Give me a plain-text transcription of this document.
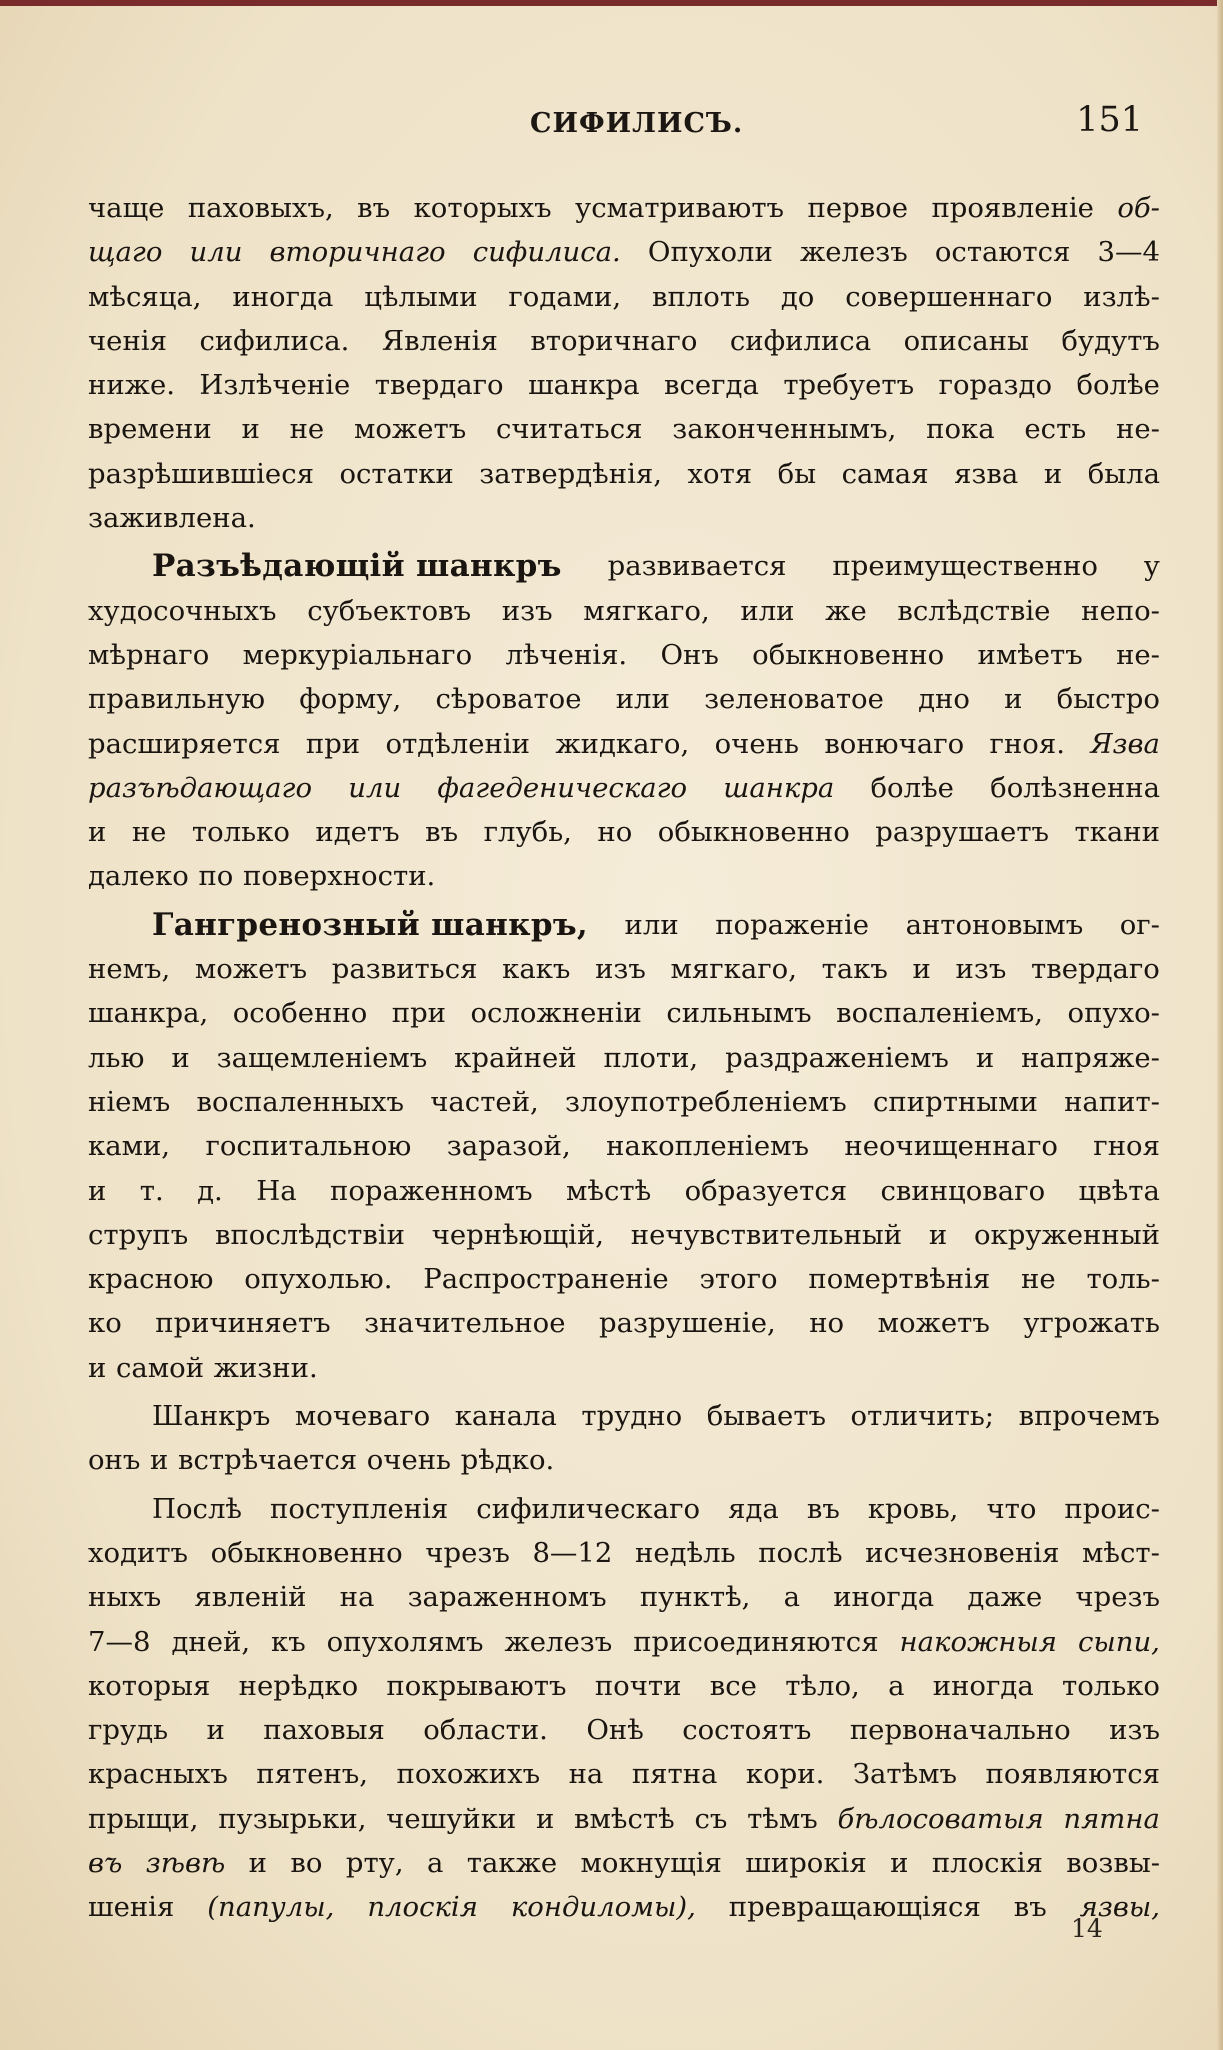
СИФИЛИСЪ.	151
чаще паховыхъ, въ которыхъ усматриваютъ первое проявленіе об-
щаго или вторичнаго сифилиса. Опухоли железъ остаются 3—4
мѣсяца, иногда цѣлыми годами, вплоть до совершеннаго излѣ-
ченія сифилиса. Явленія вторичнаго сифилиса описаны будутъ
ниже. Излѣченіе твердаго шанкра всегда требуетъ гораздо болѣе
времени и не можетъ считаться законченнымъ, пока есть не-
разрѣшившіеся остатки затвердѣнія, хотя бы самая язва и была
заживлена.
Разъѣдающій шанкръ развивается преимущественно у
худосочныхъ субъектовъ изъ мягкаго, или же вслѣдствіе непо-
мѣрнаго меркуріальнаго лѣченія. Онъ обыкновенно имѣетъ не-
правильную форму, сѣроватое или зеленоватое дно и быстро
расширяется при отдѣленіи жидкаго, очень вонючаго гноя. Язва
разъѣдающаго или фагеденическаго шанкра болѣе болѣзненна
и не только идетъ въ глубь, но обыкновенно разрушаетъ ткани
далеко по поверхности.
Гангренозный шанкръ, или пораженіе антоновымъ ог-
немъ, можетъ развиться какъ изъ мягкаго, такъ и изъ твердаго
шанкра, особенно при осложненіи сильнымъ воспаленіемъ, опухо-
лью и защемленіемъ крайней плоти, раздраженіемъ и напряже-
ніемъ воспаленныхъ частей, злоупотребленіемъ спиртными напит-
ками, госпитальною заразой, накопленіемъ неочищеннаго гноя
и т. д. На пораженномъ мѣстѣ образуется свинцоваго цвѣта
струпъ впослѣдствіи чернѣющій, нечувствительный и окруженный
красною опухолью. Распространеніе этого помертвѣнія не толь-
ко причиняетъ значительное разрушеніе, но можетъ угрожать
и самой жизни.
Шанкръ мочеваго канала трудно бываетъ отличить; впрочемъ
онъ и встрѣчается очень рѣдко.
Послѣ поступленія сифилическаго яда въ кровь, что проис-
ходитъ обыкновенно чрезъ 8—12 недѣль послѣ исчезновенія мѣст-
ныхъ явленій на зараженномъ пунктѣ, а иногда даже чрезъ
7—8 дней, къ опухолямъ железъ присоединяются накожныя сыпи,
которыя нерѣдко покрываютъ почти все тѣло, а иногда только
грудь и паховыя области. Онѣ состоятъ первоначально изъ
красныхъ пятенъ, похожихъ на пятна кори. Затѣмъ появляются
прыщи, пузырьки, чешуйки и вмѣстѣ съ тѣмъ бѣлосоватыя пятна
въ зѣвѣ и во рту, а также мокнущія широкія и плоскія возвы-
шенія (папулы, плоскія кондиломы), превращающіяся въ язвы,
14
